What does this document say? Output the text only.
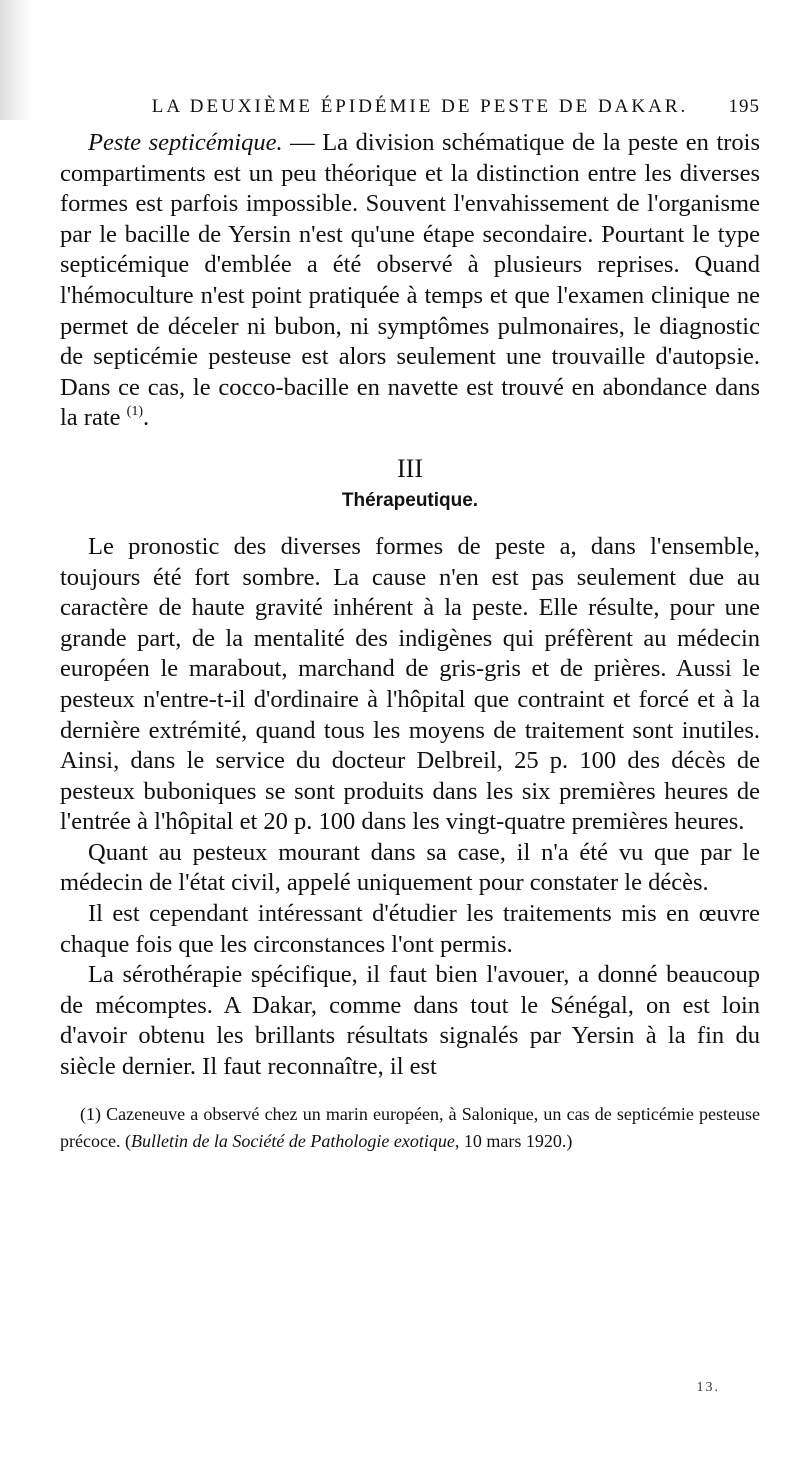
LA DEUXIÈME ÉPIDÉMIE DE PESTE DE DAKAR. 195

Peste septicémique. — La division schématique de la peste en trois compartiments est un peu théorique et la distinction entre les diverses formes est parfois impossible. Souvent l'envahissement de l'organisme par le bacille de Yersin n'est qu'une étape secondaire. Pourtant le type septicémique d'emblée a été observé à plusieurs reprises. Quand l'hémoculture n'est point pratiquée à temps et que l'examen clinique ne permet de déceler ni bubon, ni symptômes pulmonaires, le diagnostic de septicémie pesteuse est alors seulement une trouvaille d'autopsie. Dans ce cas, le cocco-bacille en navette est trouvé en abondance dans la rate $^{(1)}$.

III
Thérapeutique.

Le pronostic des diverses formes de peste a, dans l'ensemble, toujours été fort sombre. La cause n'en est pas seulement due au caractère de haute gravité inhérent à la peste. Elle résulte, pour une grande part, de la mentalité des indigènes qui préfèrent au médecin européen le marabout, marchand de gris-gris et de prières. Aussi le pesteux n'entre-t-il d'ordinaire à l'hôpital que contraint et forcé et à la dernière extrémité, quand tous les moyens de traitement sont inutiles. Ainsi, dans le service du docteur Delbreil, 25 p. 100 des décès de pesteux buboniques se sont produits dans les six premières heures de l'entrée à l'hôpital et 20 p. 100 dans les vingt-quatre premières heures.

Quant au pesteux mourant dans sa case, il n'a été vu que par le médecin de l'état civil, appelé uniquement pour constater le décès.

Il est cependant intéressant d'étudier les traitements mis en œuvre chaque fois que les circonstances l'ont permis.

La sérothérapie spécifique, il faut bien l'avouer, a donné beaucoup de mécomptes. A Dakar, comme dans tout le Sénégal, on est loin d'avoir obtenu les brillants résultats signalés par Yersin à la fin du siècle dernier. Il faut reconnaître, il est

(1) Cazeneuve a observé chez un marin européen, à Salonique, un cas de septicémie pesteuse précoce. (Bulletin de la Société de Pathologie exotique, 10 mars 1920.)
13.
